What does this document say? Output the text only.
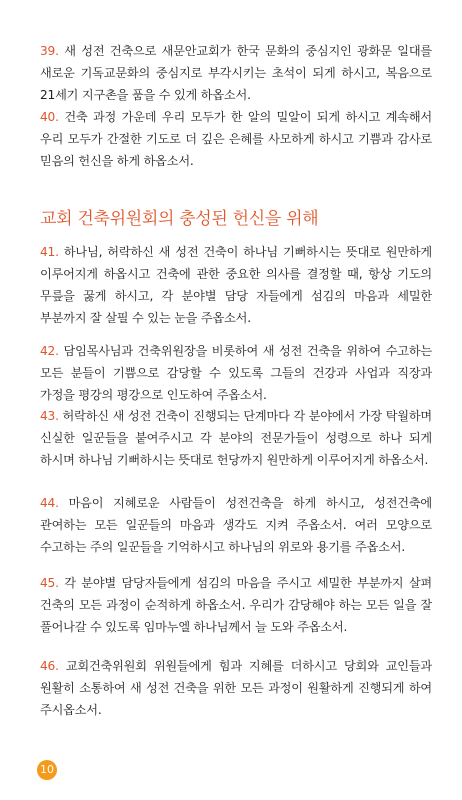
39. 새 성전 건축으로 새문안교회가 한국 문화의 중심지인 광화문 일대를 새로운 기독교문화의 중심지로 부각시키는 초석이 되게 하시고, 복음으로 21세기 지구촌을 품을 수 있게 하옵소서.
40. 건축 과정 가운데 우리 모두가 한 알의 밀알이 되게 하시고 계속해서 우리 모두가 간절한 기도로 더 깊은 은혜를 사모하게 하시고 기쁨과 감사로 믿음의 헌신을 하게 하옵소서.
교회 건축위원회의 충성된 헌신을 위해
41. 하나님, 허락하신 새 성전 건축이 하나님 기뻐하시는 뜻대로 원만하게 이루어지게 하옵시고 건축에 관한 중요한 의사를 결정할 때, 항상 기도의 무릎을 꿇게 하시고, 각 분야별 담당 자들에게 섬김의 마음과 세밀한 부분까지 잘 살필 수 있는 눈을 주옵소서.
42. 담임목사님과 건축위원장을 비롯하여 새 성전 건축을 위하여 수고하는 모든 분들이 기쁨으로 감당할 수 있도록 그들의 건강과 사업과 직장과 가정을 평강의 평강으로 인도하여 주옵소서.
43. 허락하신 새 성전 건축이 진행되는 단계마다 각 분야에서 가장 탁월하며 신실한 일꾼들을 붙여주시고 각 분야의 전문가들이 성령으로 하나 되게 하시며 하나님 기뻐하시는 뜻대로 헌당까지 원만하게 이루어지게 하옵소서.
44. 마음이 지혜로운 사람들이 성전건축을 하게 하시고, 성전건축에 관여하는 모든 일꾼들의 마음과 생각도 지켜 주옵소서. 여러 모양으로 수고하는 주의 일꾼들을 기억하시고 하나님의 위로와 용기를 주옵소서.
45. 각 분야별 담당자들에게 섬김의 마음을 주시고 세밀한 부분까지 살펴 건축의 모든 과정이 순적하게 하옵소서. 우리가 감당해야 하는 모든 일을 잘 풀어나갈 수 있도록 임마누엘 하나님께서 늘 도와 주옵소서.
46. 교회건축위원회 위원들에게 힘과 지혜를 더하시고 당회와 교인들과 원활히 소통하여 새 성전 건축을 위한 모든 과정이 원활하게 진행되게 하여 주시옵소서.
10
